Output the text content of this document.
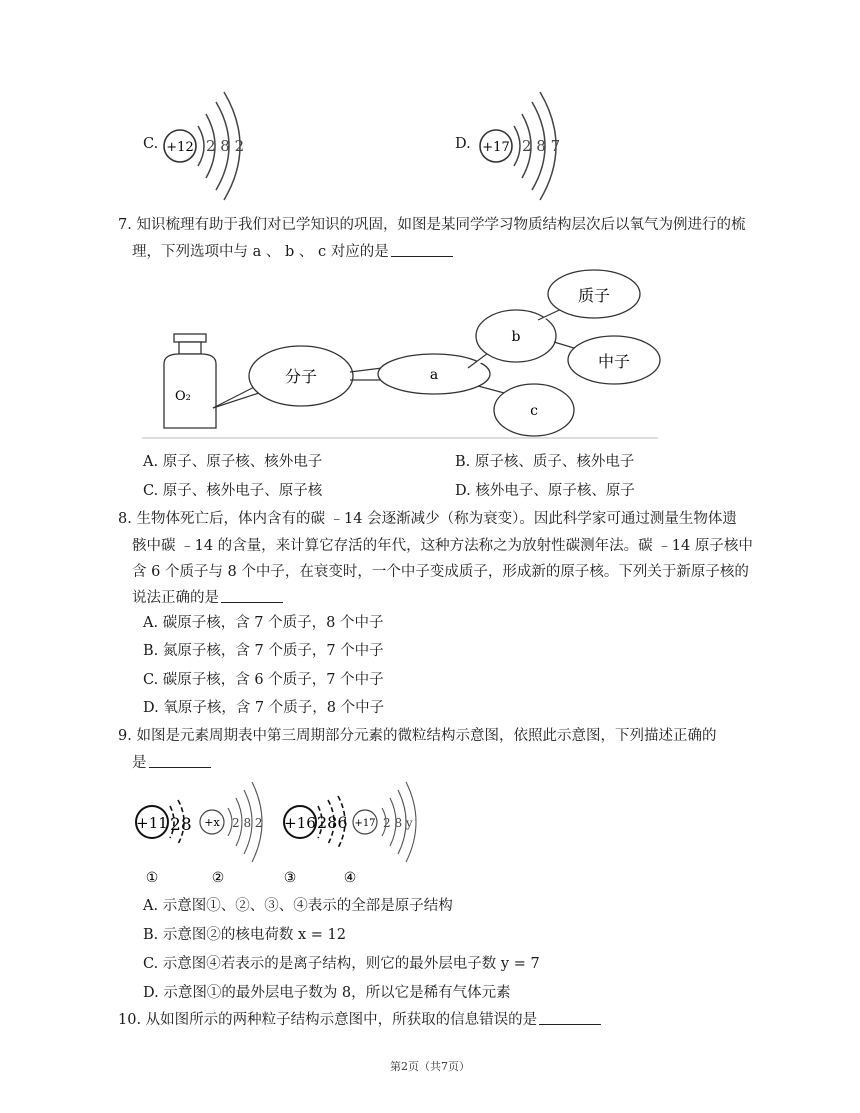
C. +12 2 8 2	D. +17 2 8 7
7. 知识梳理有助于我们对已学知识的巩固，如图是某同学学习物质结构层次后以氧气为例进行的梳
理，下列选项中与 a 、 b 、 c 对应的是
O₂
分子	a
b
c
质子
中子
A. 原子、原子核、核外电子	B. 原子核、质子、核外电子
C. 原子、核外电子、原子核	D. 核外电子、原子核、原子
8. 生物体死亡后，体内含有的碳 ﹣14 会逐渐减少（称为衰变）。因此科学家可通过测量生物体遗
骸中碳 ﹣14 的含量，来计算它存活的年代，这种方法称之为放射性碳测年法。碳 ﹣14 原子核中
含 6 个质子与 8 个中子，在衰变时，一个中子变成质子，形成新的原子核。下列关于新原子核的
说法正确的是
A. 碳原子核，含 7 个质子，8 个中子
B. 氮原子核，含 7 个质子，7 个中子
C. 碳原子核，含 6 个质子，7 个中子
D. 氧原子核，含 7 个质子，8 个中子
9. 如图是元素周期表中第三周期部分元素的微粒结构示意图，依照此示意图，下列描述正确的
是
+11 28
①
+x 2 8 2
②
+16 286
③
+17 2 8 y
④
A. 示意图①、②、③、④表示的全部是原子结构
B. 示意图②的核电荷数 x = 12
C. 示意图④若表示的是离子结构，则它的最外层电子数 y = 7
D. 示意图①的最外层电子数为 8，所以它是稀有气体元素
10. 从如图所示的两种粒子结构示意图中，所获取的信息错误的是
第2页（共7页）
